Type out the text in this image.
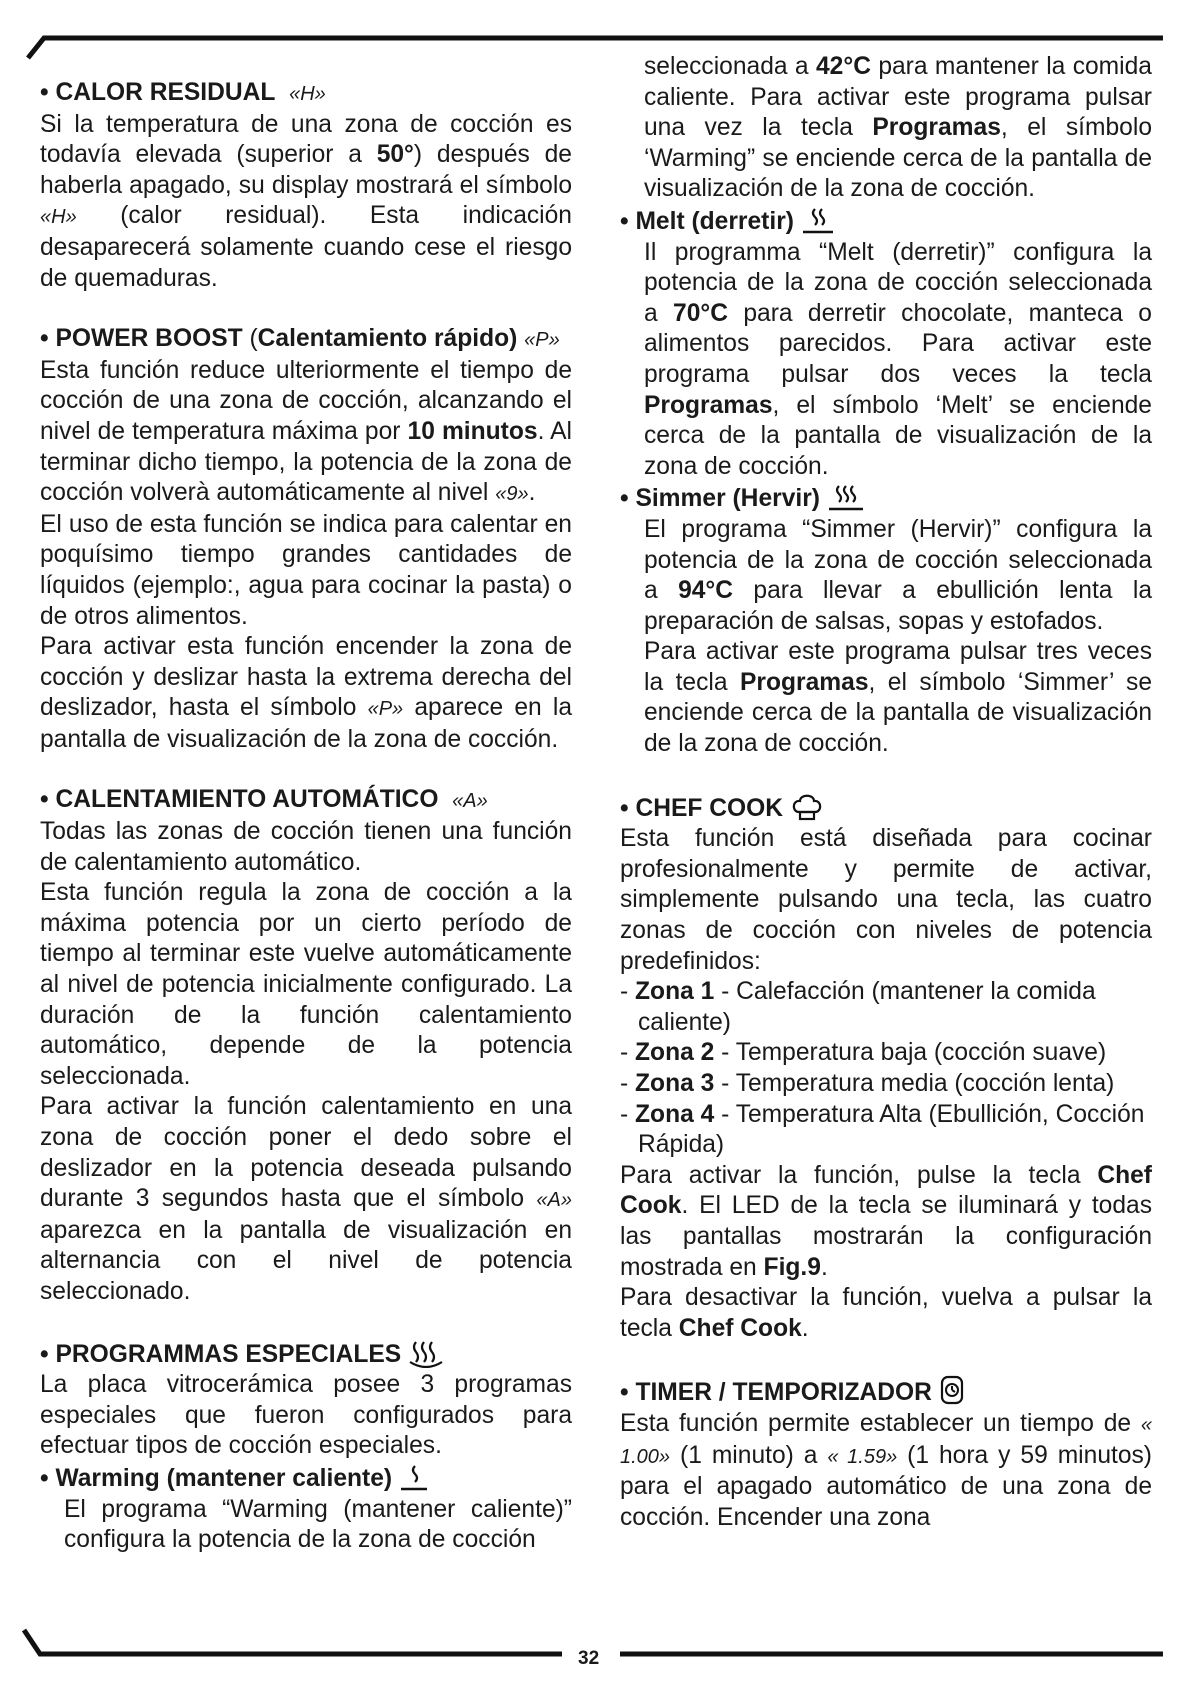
• CALOR RESIDUAL «H»

Si la temperatura de una zona de cocción es todavía elevada (superior a 50°) después de haberla apagado, su display mostrará el símbolo «H» (calor residual). Esta indicación desaparecerá solamente cuando cese el riesgo de quemaduras.

• POWER BOOST (Calentamiento rápido) «P»

Esta función reduce ulteriormente el tiempo de cocción de una zona de cocción, alcanzando el nivel de temperatura máxima por 10 minutos. Al terminar dicho tiempo, la potencia de la zona de cocción volverà automáticamente al nivel «9».

El uso de esta función se indica para calentar en poquísimo tiempo grandes cantidades de líquidos (ejemplo:, agua para cocinar la pasta) o de otros alimentos.

Para activar esta función encender la zona de cocción y deslizar hasta la extrema derecha del deslizador, hasta el símbolo «P» aparece en la pantalla de visualización de la zona de cocción.

• CALENTAMIENTO AUTOMÁTICO «A»

Todas las zonas de cocción tienen una función de calentamiento automático.

Esta función regula la zona de cocción a la máxima potencia por un cierto período de tiempo al terminar este vuelve automáticamente al nivel de potencia inicialmente configurado. La duración de la función calentamiento automático, depende de la potencia seleccionada.

Para activar la función calentamiento en una zona de cocción poner el dedo sobre el deslizador en la potencia deseada pulsando durante 3 segundos hasta que el símbolo «A» aparezca en la pantalla de visualización en alternancia con el nivel de potencia seleccionado.

• PROGRAMMAS ESPECIALES

La placa vitrocerámica posee 3 programas especiales que fueron configurados para efectuar tipos de cocción especiales.

• Warming (mantener caliente)

El programa “Warming (mantener caliente)” configura la potencia de la zona de cocción

seleccionada a 42°C para mantener la comida caliente. Para activar este programa pulsar una vez la tecla Programas, el símbolo ‘Warming” se enciende cerca de la pantalla de visualización de la zona de cocción.

• Melt (derretir)

Il programma “Melt (derretir)” configura la potencia de la zona de cocción seleccionada a 70°C para derretir chocolate, manteca o alimentos parecidos. Para activar este programa pulsar dos veces la tecla Programas, el símbolo ‘Melt’ se enciende cerca de la pantalla de visualización de la zona de cocción.

• Simmer (Hervir)

El programa “Simmer (Hervir)” configura la potencia de la zona de cocción seleccionada a 94°C para llevar a ebullición lenta la preparación de salsas, sopas y estofados.

Para activar este programa pulsar tres veces la tecla Programas, el símbolo ‘Simmer’ se enciende cerca de la pantalla de visualización de la zona de cocción.

• CHEF COOK

Esta función está diseñada para cocinar profesionalmente y permite de activar, simplemente pulsando una tecla, las cuatro zonas de cocción con niveles de potencia predefinidos:

- Zona 1 - Calefacción (mantener la comida caliente)

- Zona 2 - Temperatura baja (cocción suave)

- Zona 3 - Temperatura media (cocción lenta)

- Zona 4 - Temperatura Alta (Ebullición, Cocción Rápida)

Para activar la función, pulse la tecla Chef Cook. El LED de la tecla se iluminará y todas las pantallas mostrarán la configuración mostrada en Fig.9.

Para desactivar la función, vuelva a pulsar la tecla Chef Cook.

• TIMER / TEMPORIZADOR

Esta función permite establecer un tiempo de « 1.00» (1 minuto) a « 1.59» (1 hora y 59 minutos) para el apagado automático de una zona de cocción. Encender una zona

32
